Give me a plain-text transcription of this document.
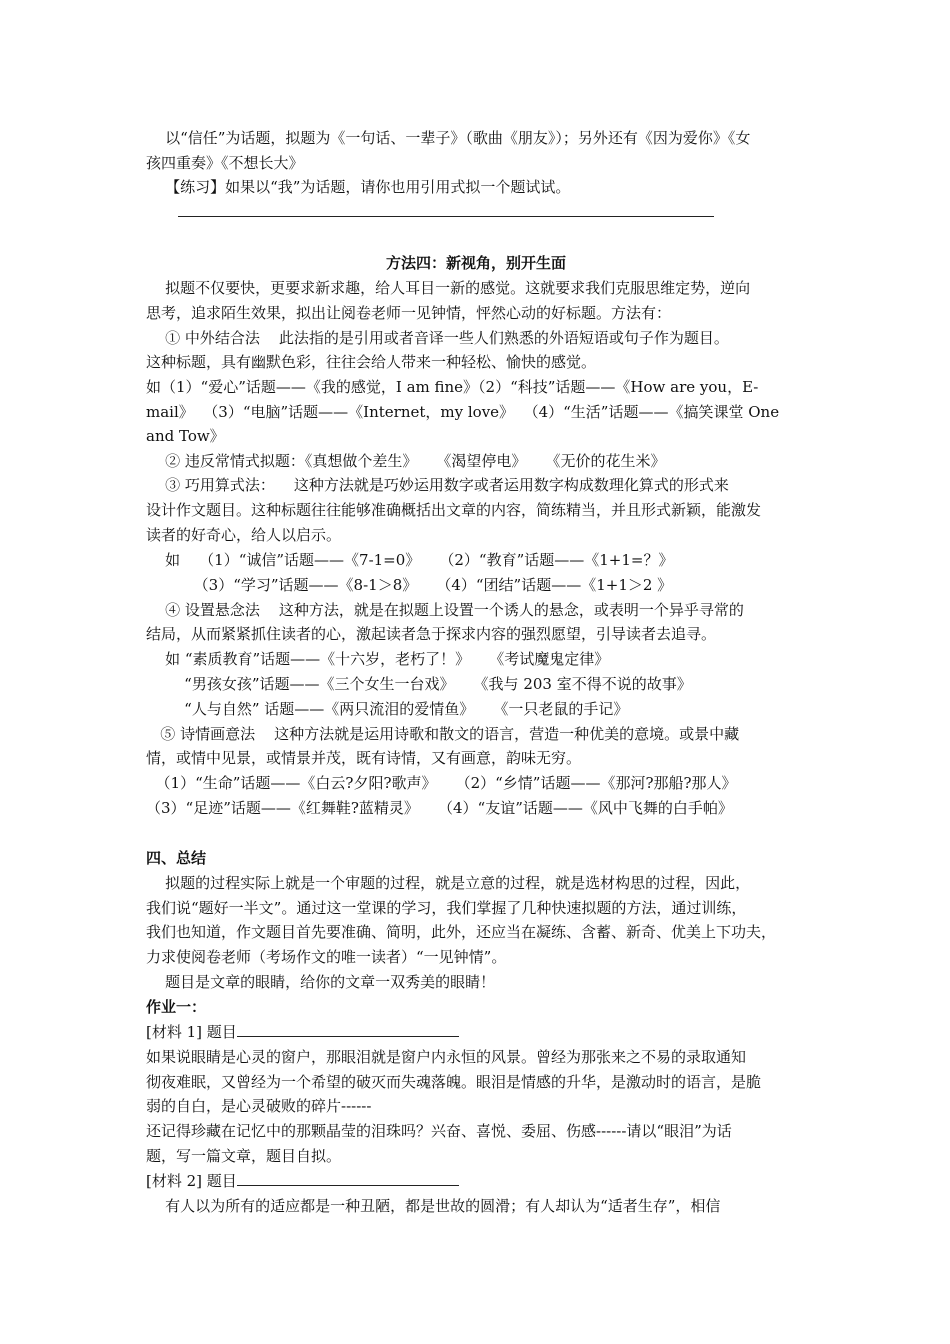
以“信任”为话题，拟题为《一句话、一辈子》（歌曲《朋友》）；另外还有《因为爱你》《女
孩四重奏》《不想长大》
【练习】如果以“我”为话题，请你也用引用式拟一个题试试。
方法四：新视角，别开生面
拟题不仅要快，更要求新求趣，给人耳目一新的感觉。这就要求我们克服思维定势，逆向
思考，追求陌生效果，拟出让阅卷老师一见钟情，怦然心动的好标题。方法有：
① 中外结合法    此法指的是引用或者音译一些人们熟悉的外语短语或句子作为题目。
这种标题，具有幽默色彩，往往会给人带来一种轻松、愉快的感觉。
如（1）“爱心”话题——《我的感觉，I am fine》（2）“科技”话题——《How are you，E-
mail》  （3）“电脑”话题——《Internet，my love》  （4）“生活”话题——《搞笑课堂 One
and Tow》
② 违反常情式拟题：《真想做个差生》    《渴望停电》    《无价的花生米》
③ 巧用算式法：    这种方法就是巧妙运用数字或者运用数字构成数理化算式的形式来
设计作文题目。这种标题往往能够准确概括出文章的内容，简练精当，并且形式新颖，能激发
读者的好奇心，给人以启示。
如    （1）“诚信”话题——《7-1=0》    （2）“教育”话题——《1+1=？》
（3）“学习”话题——《8-1＞8》    （4）“团结”话题——《1+1＞2 》
④ 设置悬念法    这种方法，就是在拟题上设置一个诱人的悬念，或表明一个异乎寻常的
结局，从而紧紧抓住读者的心，激起读者急于探求内容的强烈愿望，引导读者去追寻。
如 “素质教育”话题——《十六岁，老朽了！》    《考试魔鬼定律》
“男孩女孩”话题——《三个女生一台戏》    《我与 203 室不得不说的故事》
“人与自然” 话题——《两只流泪的爱情鱼》    《一只老鼠的手记》
⑤ 诗情画意法    这种方法就是运用诗歌和散文的语言，营造一种优美的意境。或景中藏
情，或情中见景，或情景并茂，既有诗情，又有画意，韵味无穷。
（1）“生命”话题——《白云?夕阳?歌声》    （2）“乡情”话题——《那河?那船?那人》
（3）“足迹”话题——《红舞鞋?蓝精灵》    （4）“友谊”话题——《风中飞舞的白手帕》
四、总结
拟题的过程实际上就是一个审题的过程，就是立意的过程，就是选材构思的过程，因此，
我们说“题好一半文”。通过这一堂课的学习，我们掌握了几种快速拟题的方法，通过训练，
我们也知道，作文题目首先要准确、简明，此外，还应当在凝练、含蓄、新奇、优美上下功夫，
力求使阅卷老师（考场作文的唯一读者）“一见钟情”。
题目是文章的眼睛，给你的文章一双秀美的眼睛！
作业一：
[材料 1] 题目
如果说眼睛是心灵的窗户，那眼泪就是窗户内永恒的风景。曾经为那张来之不易的录取通知
彻夜难眠，又曾经为一个希望的破灭而失魂落魄。眼泪是情感的升华，是激动时的语言，是脆
弱的自白，是心灵破败的碎片------
还记得珍藏在记忆中的那颗晶莹的泪珠吗？兴奋、喜悦、委屈、伤感------请以“眼泪”为话
题，写一篇文章，题目自拟。
[材料 2] 题目
有人以为所有的适应都是一种丑陋，都是世故的圆滑；有人却认为“适者生存”，相信
